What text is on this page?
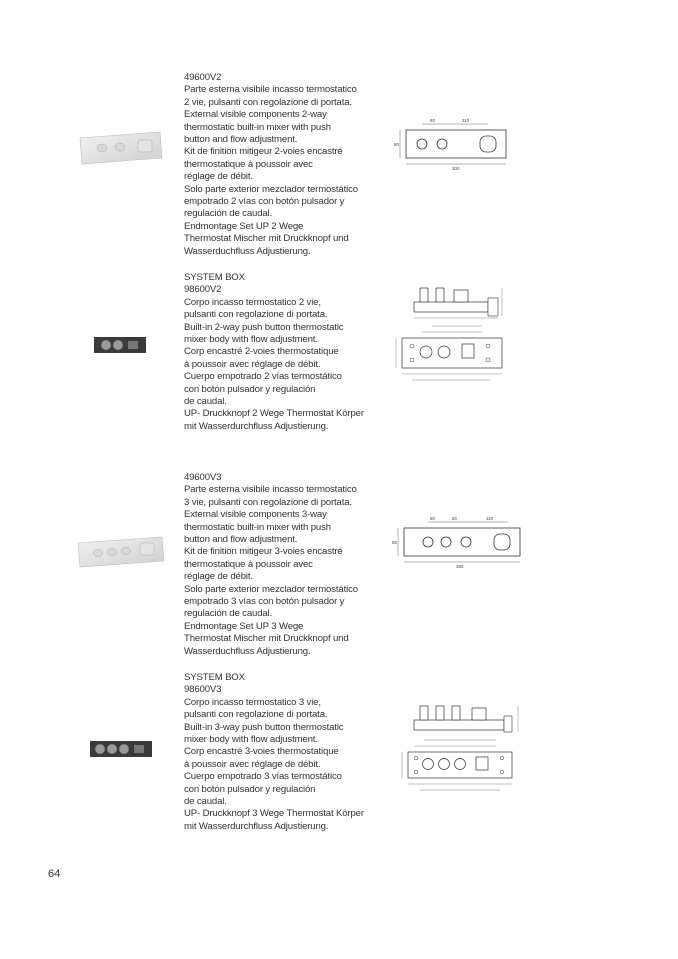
49600V2
Parte esterna visibile incasso termostatico
2 vie, pulsanti con regolazione di portata.
External visible components 2-way
thermostatic built-in mixer with push
button and flow adjustment.
Kit de finition mitigeur 2-voies encastré
thermostatique à poussoir avec
réglage de débit.
Solo parte exterior mezclador termostático
empotrado 2 vías con botón pulsador y
regulación de caudal.
Endmontage Set UP 2 Wege
Thermostat Mischer mit Druckknopf und
Wasserduchfluss Adjustierung.
80	110
80
300
SYSTEM BOX
98600V2
Corpo incasso termostatico 2 vie,
pulsanti con regolazione di portata.
Built-in 2-way push button thermostatic
mixer body with flow adjustment.
Corp encastré 2-voies thermostatique
à poussoir avec réglage de débit.
Cuerpo empotrado 2 vías termostático
con botón pulsador y regulación
de caudal.
UP- Druckknopf 2 Wege Thermostat Körper
mit Wasserdurchfluss Adjustierung.
49600V3
Parte esterna visibile incasso termostatico
3 vie, pulsanti con regolazione di portata.
External visible components 3-way
thermostatic built-in mixer with push
button and flow adjustment.
Kit de finition mitigeur 3-voies encastré
thermostatique à poussoir avec
réglage de débit.
Solo parte exterior mezclador termostático
empotrado 3 vías con botón pulsador y
regulación de caudal.
Endmontage Set UP 3 Wege
Thermostat Mischer mit Druckknopf und
Wasserduchfluss Adjustierung.
80	80	110
80
380
SYSTEM BOX
98600V3
Corpo incasso termostatico 3 vie,
pulsanti con regolazione di portata.
Built-in 3-way push button thermostatic
mixer body with flow adjustment.
Corp encastré 3-voies thermostatique
à poussoir avec réglage de débit.
Cuerpo empotrado 3 vías termostático
con botón pulsador y regulación
de caudal.
UP- Druckknopf 3 Wege Thermostat Körper
mit Wasserdurchfluss Adjustierung.
64
